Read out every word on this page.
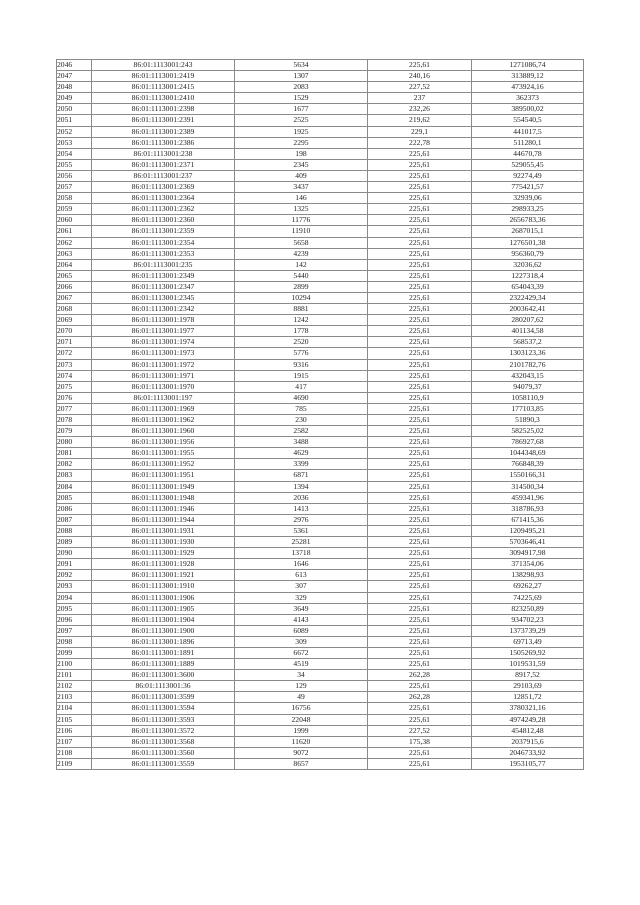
2046	86:01:1113001:243	5634	225,61	1271086,74
2047	86:01:1113001:2419	1307	240,16	313889,12
2048	86:01:1113001:2415	2083	227,52	473924,16
2049	86:01:1113001:2410	1529	237	362373
2050	86:01:1113001:2398	1677	232,26	389500,02
2051	86:01:1113001:2391	2525	219,62	554540,5
2052	86:01:1113001:2389	1925	229,1	441017,5
2053	86:01:1113001:2386	2295	222,78	511280,1
2054	86:01:1113001:238	198	225,61	44670,78
2055	86:01:1113001:2371	2345	225,61	529055,45
2056	86:01:1113001:237	409	225,61	92274,49
2057	86:01:1113001:2369	3437	225,61	775421,57
2058	86:01:1113001:2364	146	225,61	32939,06
2059	86:01:1113001:2362	1325	225,61	298933,25
2060	86:01:1113001:2360	11776	225,61	2656783,36
2061	86:01:1113001:2359	11910	225,61	2687015,1
2062	86:01:1113001:2354	5658	225,61	1276501,38
2063	86:01:1113001:2353	4239	225,61	956360,79
2064	86:01:1113001:235	142	225,61	32036,62
2065	86:01:1113001:2349	5440	225,61	1227318,4
2066	86:01:1113001:2347	2899	225,61	654043,39
2067	86:01:1113001:2345	10294	225,61	2322429,34
2068	86:01:1113001:2342	8881	225,61	2003642,41
2069	86:01:1113001:1978	1242	225,61	280207,62
2070	86:01:1113001:1977	1778	225,61	401134,58
2071	86:01:1113001:1974	2520	225,61	568537,2
2072	86:01:1113001:1973	5776	225,61	1303123,36
2073	86:01:1113001:1972	9316	225,61	2101782,76
2074	86:01:1113001:1971	1915	225,61	432043,15
2075	86:01:1113001:1970	417	225,61	94079,37
2076	86:01:1113001:197	4690	225,61	1058110,9
2077	86:01:1113001:1969	785	225,61	177103,85
2078	86:01:1113001:1962	230	225,61	51890,3
2079	86:01:1113001:1960	2582	225,61	582525,02
2080	86:01:1113001:1956	3488	225,61	786927,68
2081	86:01:1113001:1955	4629	225,61	1044348,69
2082	86:01:1113001:1952	3399	225,61	766848,39
2083	86:01:1113001:1951	6871	225,61	1550166,31
2084	86:01:1113001:1949	1394	225,61	314500,34
2085	86:01:1113001:1948	2036	225,61	459341,96
2086	86:01:1113001:1946	1413	225,61	318786,93
2087	86:01:1113001:1944	2976	225,61	671415,36
2088	86:01:1113001:1931	5361	225,61	1209495,21
2089	86:01:1113001:1930	25281	225,61	5703646,41
2090	86:01:1113001:1929	13718	225,61	3094917,98
2091	86:01:1113001:1928	1646	225,61	371354,06
2092	86:01:1113001:1921	613	225,61	138298,93
2093	86:01:1113001:1910	307	225,61	69262,27
2094	86:01:1113001:1906	329	225,61	74225,69
2095	86:01:1113001:1905	3649	225,61	823250,89
2096	86:01:1113001:1904	4143	225,61	934702,23
2097	86:01:1113001:1900	6089	225,61	1373739,29
2098	86:01:1113001:1896	309	225,61	69713,49
2099	86:01:1113001:1891	6672	225,61	1505269,92
2100	86:01:1113001:1889	4519	225,61	1019531,59
2101	86:01:1113001:3600	34	262,28	8917,52
2102	86:01:1113001:36	129	225,61	29103,69
2103	86:01:1113001:3599	49	262,28	12851,72
2104	86:01:1113001:3594	16756	225,61	3780321,16
2105	86:01:1113001:3593	22048	225,61	4974249,28
2106	86:01:1113001:3572	1999	227,52	454812,48
2107	86:01:1113001:3568	11620	175,38	2037915,6
2108	86:01:1113001:3560	9072	225,61	2046733,92
2109	86:01:1113001:3559	8657	225,61	1953105,77
